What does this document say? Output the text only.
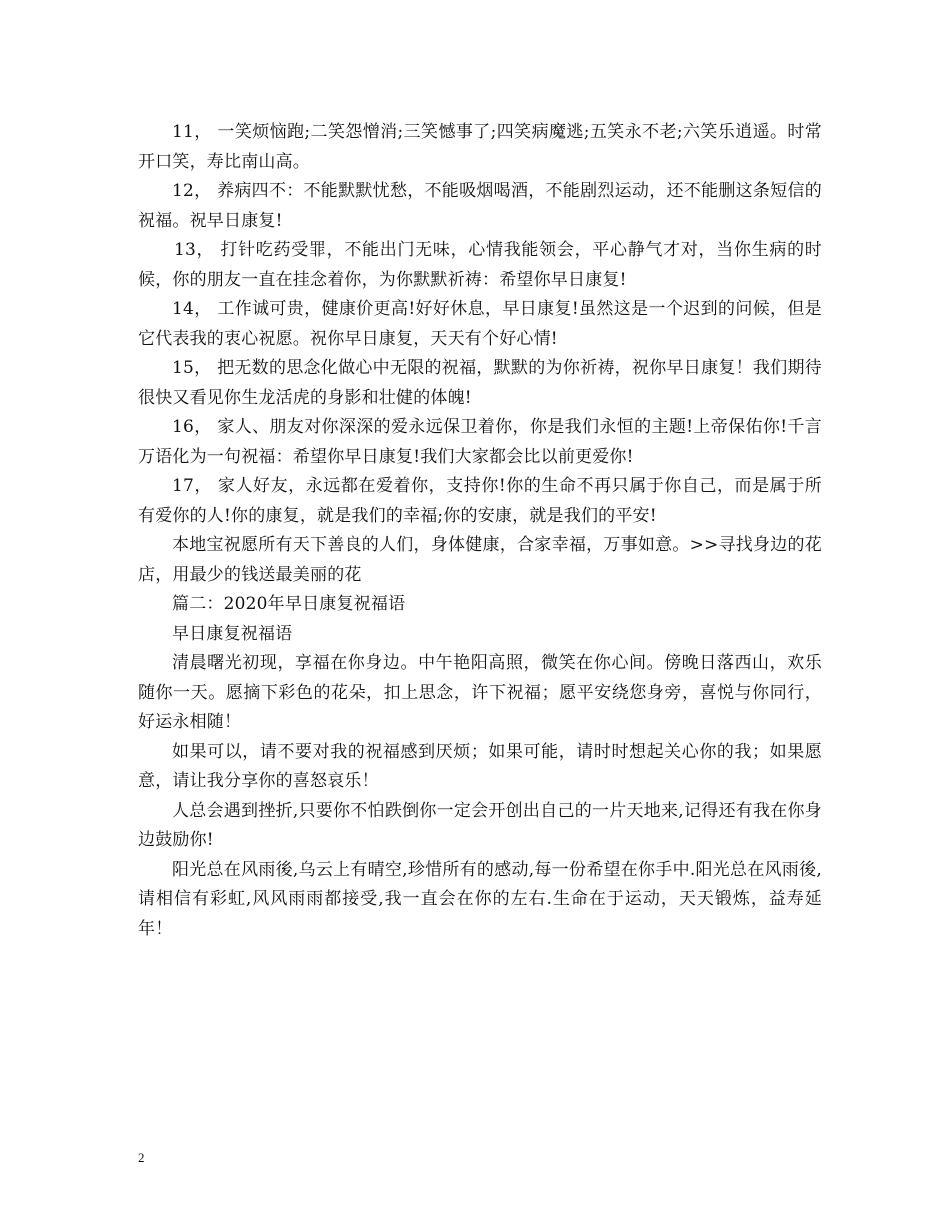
11， 一笑烦恼跑;二笑怨憎消;三笑憾事了;四笑病魔逃;五笑永不老;六笑乐逍遥。时常开口笑，寿比南山高。

12， 养病四不：不能默默忧愁，不能吸烟喝酒，不能剧烈运动，还不能删这条短信的祝福。祝早日康复!

13， 打针吃药受罪，不能出门无味，心情我能领会，平心静气才对，当你生病的时候，你的朋友一直在挂念着你，为你默默祈祷：希望你早日康复!

14， 工作诚可贵，健康价更高!好好休息，早日康复!虽然这是一个迟到的问候，但是它代表我的衷心祝愿。祝你早日康复，天天有个好心情!

15， 把无数的思念化做心中无限的祝福，默默的为你祈祷，祝你早日康复！我们期待很快又看见你生龙活虎的身影和壮健的体魄!

16， 家人、朋友对你深深的爱永远保卫着你，你是我们永恒的主题!上帝保佑你!千言万语化为一句祝福：希望你早日康复!我们大家都会比以前更爱你!

17， 家人好友，永远都在爱着你，支持你!你的生命不再只属于你自己，而是属于所有爱你的人!你的康复，就是我们的幸福;你的安康，就是我们的平安!

本地宝祝愿所有天下善良的人们，身体健康，合家幸福，万事如意。>>寻找身边的花店，用最少的钱送最美丽的花

篇二：2020年早日康复祝福语

早日康复祝福语

清晨曙光初现，享福在你身边。中午艳阳高照，微笑在你心间。傍晚日落西山，欢乐随你一天。愿摘下彩色的花朵，扣上思念，许下祝福；愿平安绕您身旁，喜悦与你同行，好运永相随！

如果可以，请不要对我的祝福感到厌烦；如果可能，请时时想起关心你的我；如果愿意，请让我分享你的喜怒哀乐！

人总会遇到挫折,只要你不怕跌倒你一定会开创出自己的一片天地来,记得还有我在你身边鼓励你!

阳光总在风雨後,乌云上有晴空,珍惜所有的感动,每一份希望在你手中.阳光总在风雨後,请相信有彩虹,风风雨雨都接受,我一直会在你的左右.生命在于运动，天天锻炼，益寿延年！

2
